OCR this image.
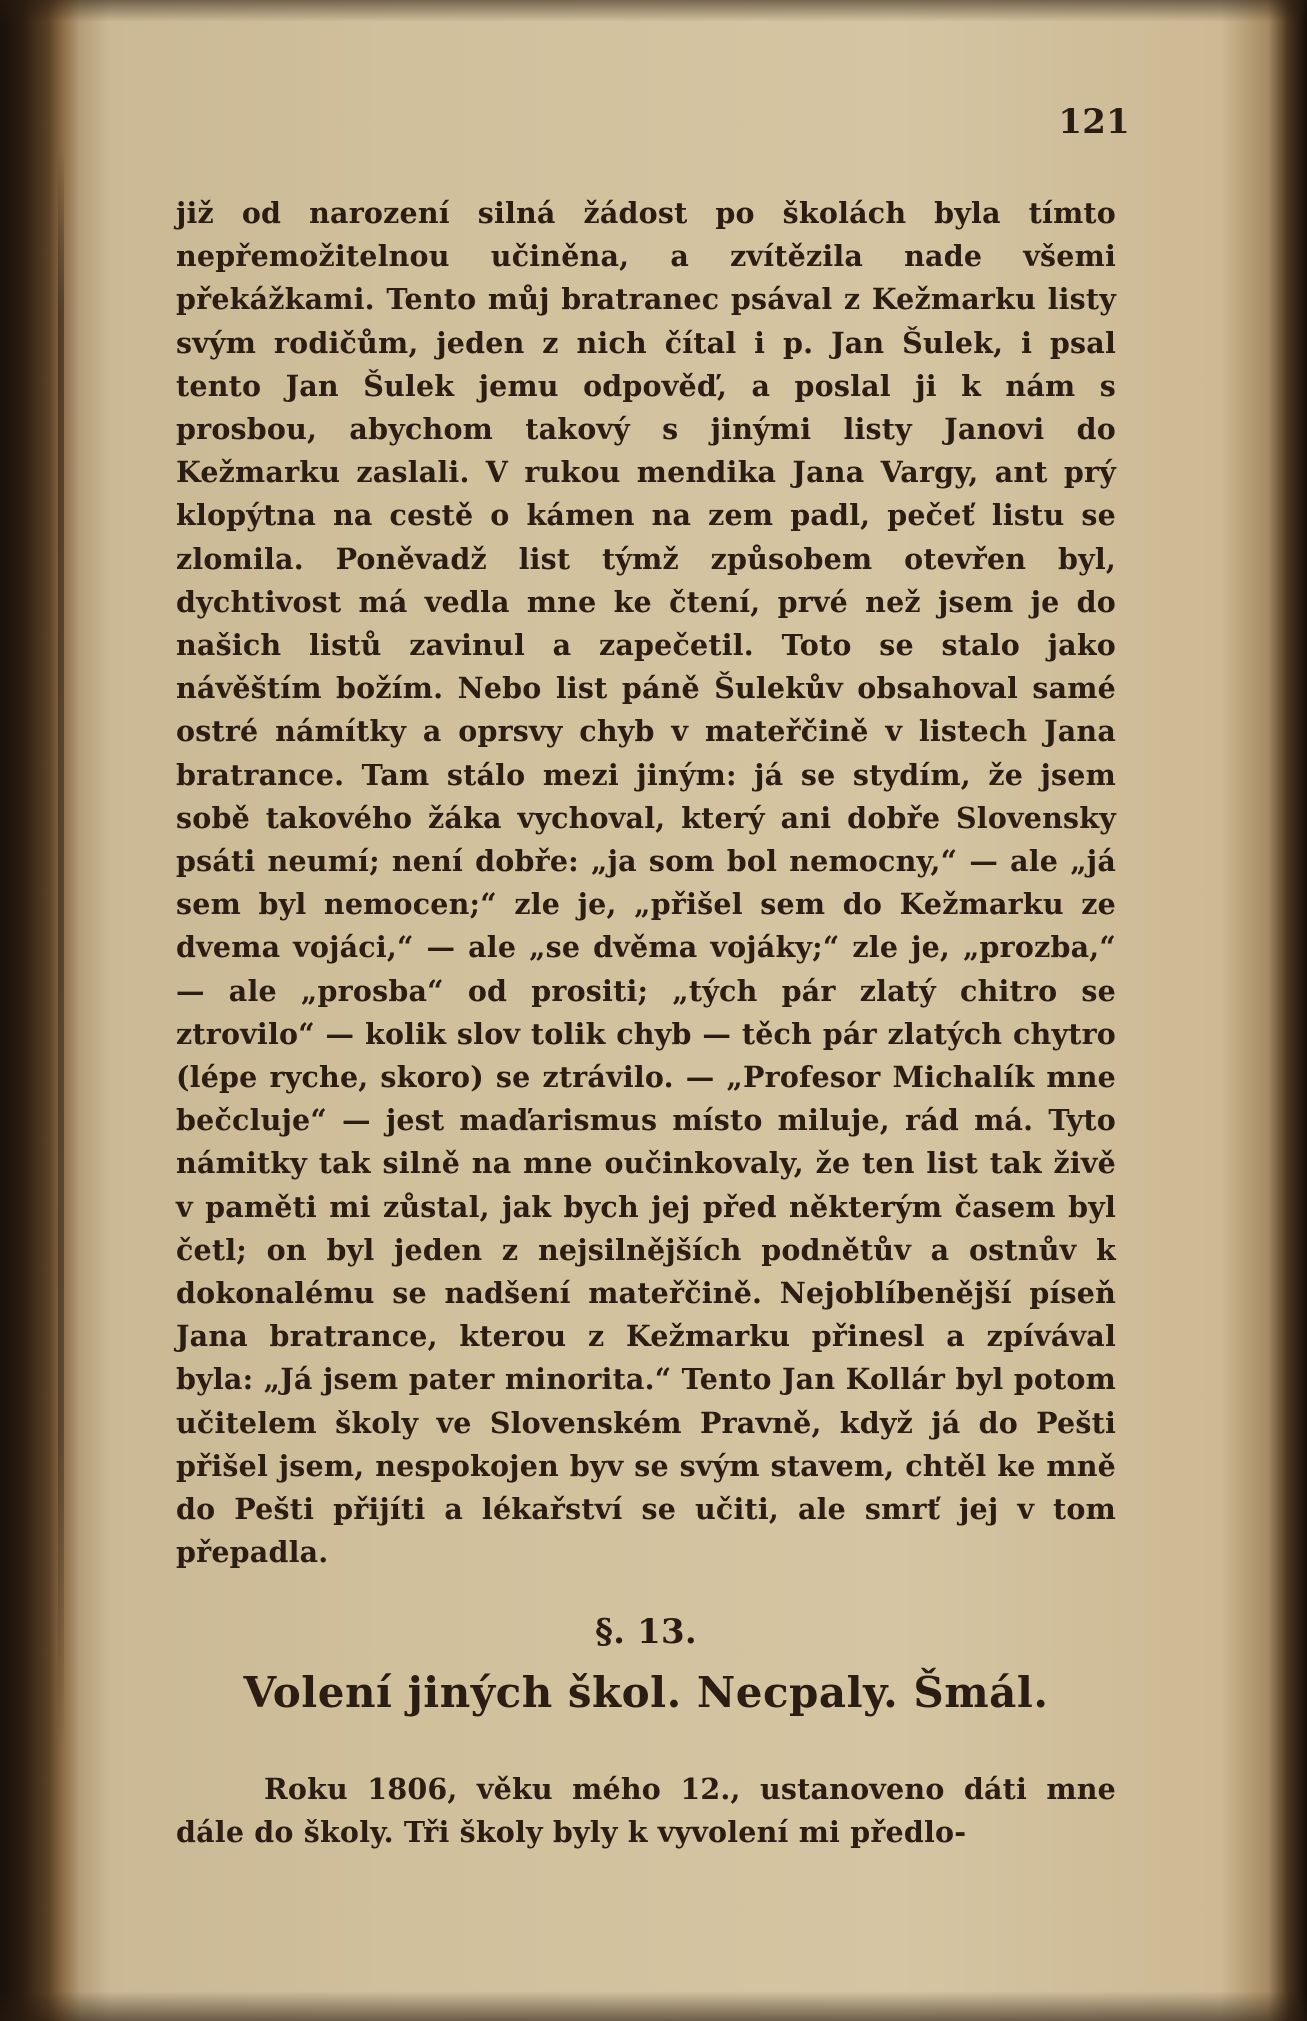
121

již od narození silná žádost po školách byla tímto nepřemožitelnou učiněna, a zvítězila nade všemi překážkami. Tento můj bratranec psával z Kežmarku listy svým rodičům, jeden z nich čítal i p. Jan Šulek, i psal tento Jan Šulek jemu odpověď, a poslal ji k nám s prosbou, abychom takový s jinými listy Janovi do Kežmarku zaslali. V rukou mendika Jana Vargy, ant prý klopýtna na cestě o kámen na zem padl, pečeť listu se zlomila. Poněvadž list týmž způsobem otevřen byl, dychtivost má vedla mne ke čtení, prvé než jsem je do našich listů zavinul a zapečetil. Toto se stalo jako návěštím božím. Nebo list páně Šulekův obsahoval samé ostré námítky a oprsvy chyb v mateřčině v listech Jana bratrance. Tam stálo mezi jiným: já se stydím, že jsem sobě takového žáka vychoval, který ani dobře Slovensky psáti neumí; není dobře: „ja som bol nemocny,“ — ale „já sem byl nemocen;“ zle je, „přišel sem do Kežmarku ze dvema vojáci,“ — ale „se dvěma vojáky;“ zle je, „prozba,“ — ale „prosba“ od prositi; „tých pár zlatý chitro se ztrovilo“ — kolik slov tolik chyb — těch pár zlatých chytro (lépe ryche, skoro) se ztrávilo. — „Profesor Michalík mne bečcluje“ — jest maďarismus místo miluje, rád má. Tyto námitky tak silně na mne oučinkovaly, že ten list tak živě v paměti mi zůstal, jak bych jej před některým časem byl četl; on byl jeden z nejsilnějších podnětův a ostnův k dokonalému se nadšení mateřčině. Nejoblíbenější píseň Jana bratrance, kterou z Kežmarku přinesl a zpívával byla: „Já jsem pater minorita.“ Tento Jan Kollár byl potom učitelem školy ve Slovenském Pravně, když já do Pešti přišel jsem, nespokojen byv se svým stavem, chtěl ke mně do Pešti přijíti a lékařství se učiti, ale smrť jej v tom přepadla.

§. 13.
Volení jiných škol. Necpaly. Šmál.

Roku 1806, věku mého 12., ustanoveno dáti mne dále do školy. Tři školy byly k vyvolení mi předlo-
